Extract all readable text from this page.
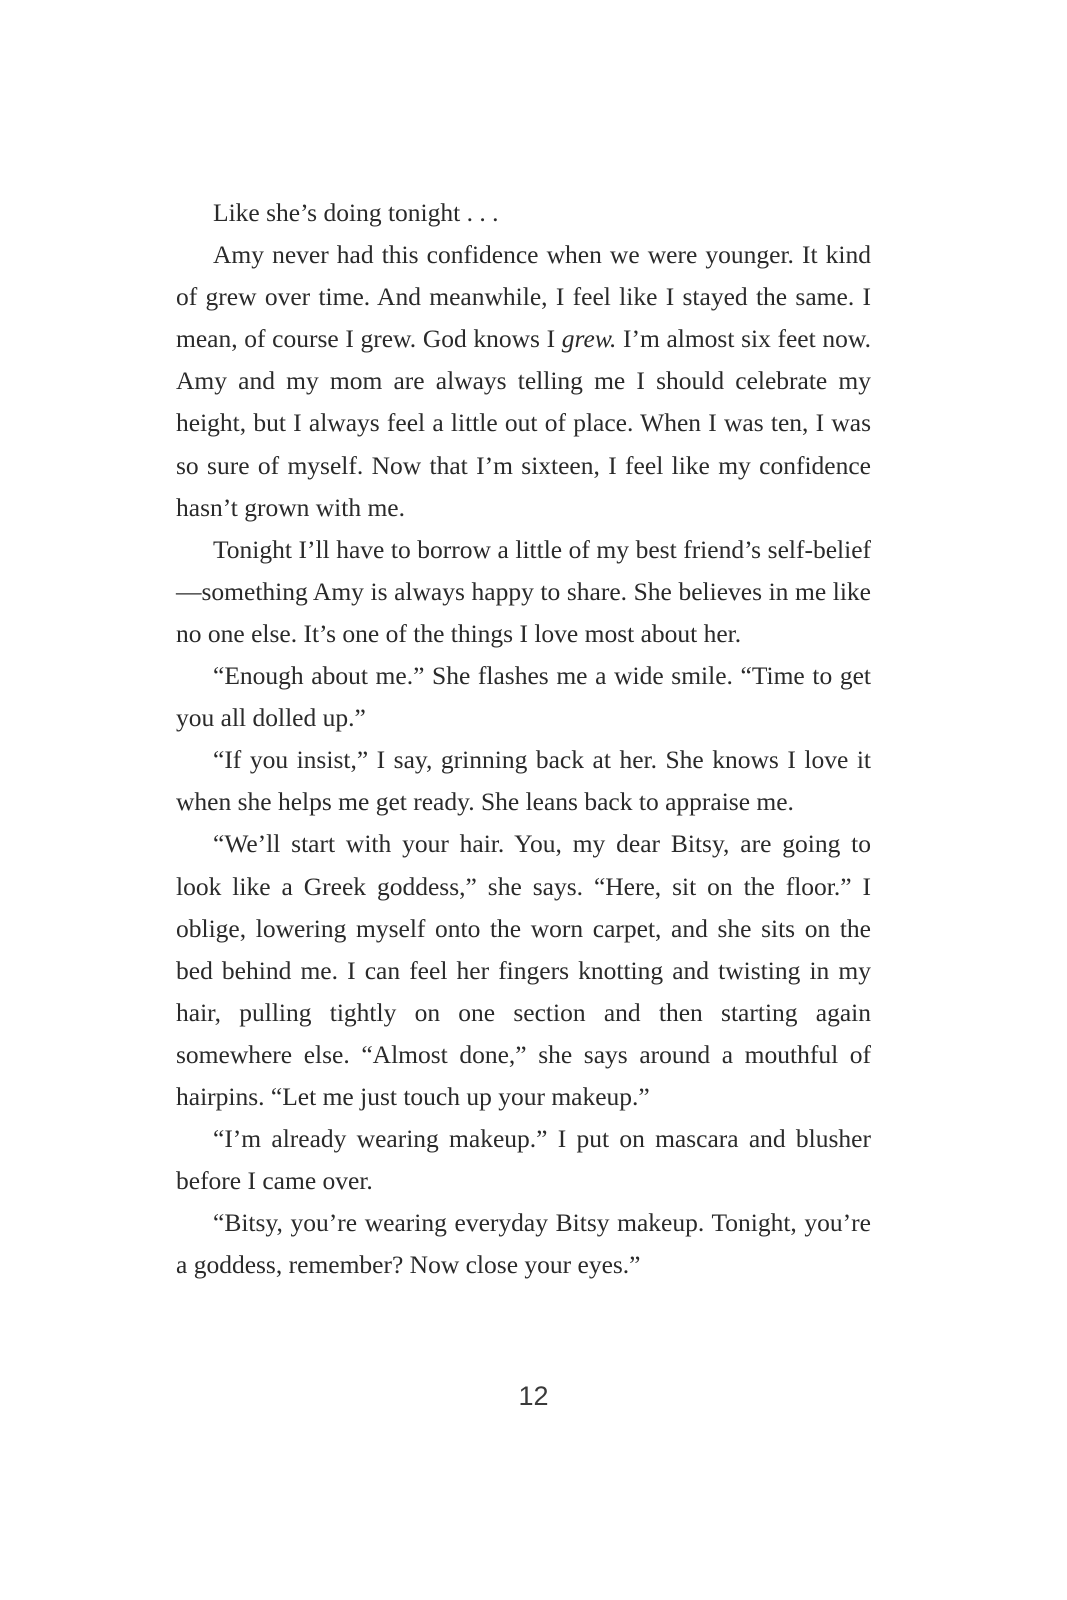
Like she’s doing tonight . . .

Amy never had this confidence when we were younger. It kind of grew over time. And meanwhile, I feel like I stayed the same. I mean, of course I grew. God knows I grew. I’m almost six feet now. Amy and my mom are always telling me I should celebrate my height, but I always feel a little out of place. When I was ten, I was so sure of myself. Now that I’m sixteen, I feel like my confidence hasn’t grown with me.

Tonight I’ll have to borrow a little of my best friend’s self-belief—something Amy is always happy to share. She believes in me like no one else. It’s one of the things I love most about her.

“Enough about me.” She flashes me a wide smile. “Time to get you all dolled up.”

“If you insist,” I say, grinning back at her. She knows I love it when she helps me get ready. She leans back to appraise me.

“We’ll start with your hair. You, my dear Bitsy, are going to look like a Greek goddess,” she says. “Here, sit on the floor.” I oblige, lowering myself onto the worn carpet, and she sits on the bed behind me. I can feel her fingers knotting and twisting in my hair, pulling tightly on one section and then starting again somewhere else. “Almost done,” she says around a mouthful of hairpins. “Let me just touch up your makeup.”

“I’m already wearing makeup.” I put on mascara and blusher before I came over.

“Bitsy, you’re wearing everyday Bitsy makeup. Tonight, you’re a goddess, remember? Now close your eyes.”

12
